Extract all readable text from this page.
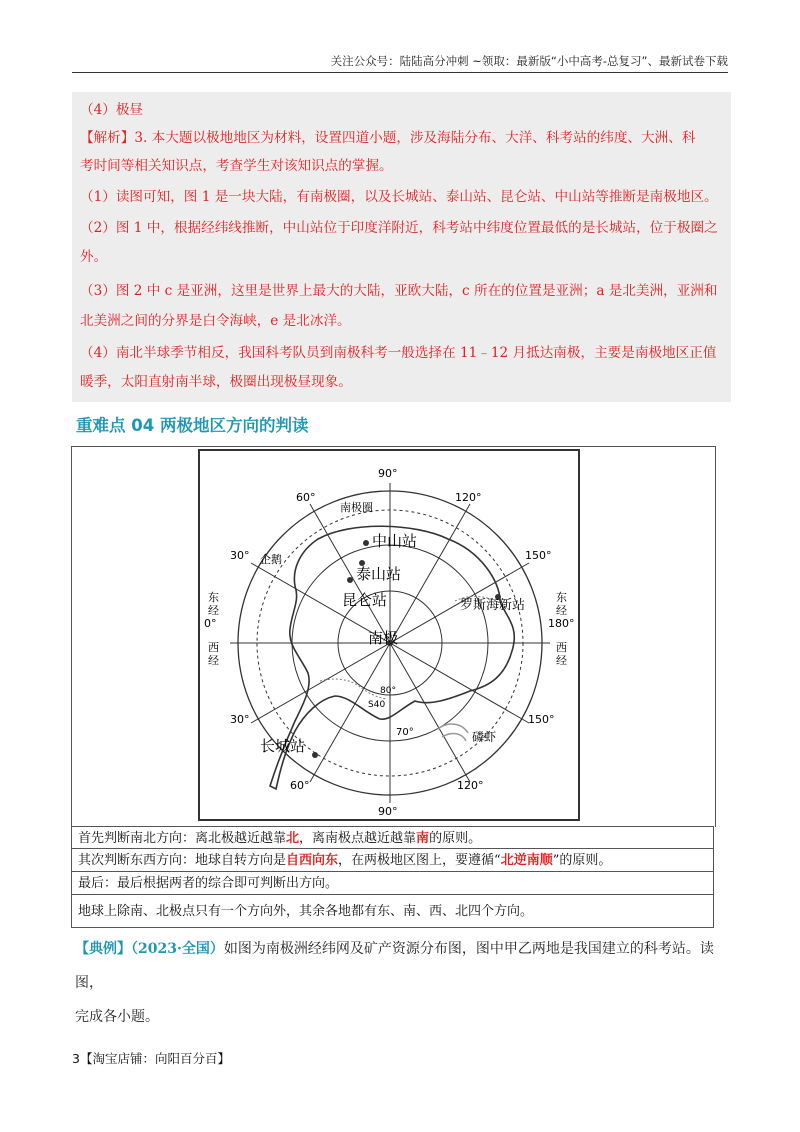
关注公众号：陆陆高分冲刺 ~领取：最新版“小中高考-总复习”、最新试卷下载

（4）极昼

【解析】3. 本大题以极地地区为材料，设置四道小题，涉及海陆分布、大洋、科考站的纬度、大洲、科

考时间等相关知识点，考查学生对该知识点的掌握。

（1）读图可知，图 1 是一块大陆，有南极圈，以及长城站、泰山站、昆仑站、中山站等推断是南极地区。

（2）图 1 中，根据经纬线推断，中山站位于印度洋附近，科考站中纬度位置最低的是长城站，位于极圈之

外。

（3）图 2 中 c 是亚洲，这里是世界上最大的大陆，亚欧大陆，c 所在的位置是亚洲；a 是北美洲，亚洲和

北美洲之间的分界是白令海峡，e 是北冰洋。

（4）南北半球季节相反，我国科考队员到南极科考一般选择在 11﹣12 月抵达南极，主要是南极地区正值

暖季，太阳直射南半球，极圈出现极昼现象。

重难点 04 两极地区方向的判读
90°
90°
60°	120°
30°	150°
30°	150°
60°	120°
东经 0°
西经
东经 180°
西经
南极圈
中山站
泰山站
昆仑站	罗斯海新站
长城站
南极
企鹅
磷虾
80°
70°
S40
首先判断南北方向：离北极越近越靠北，离南极点越近越靠南的原则。
其次判断东西方向：地球自转方向是自西向东，在两极地区图上，要遵循“北逆南顺”的原则。
最后：最后根据两者的综合即可判断出方向。
地球上除南、北极点只有一个方向外，其余各地都有东、南、西、北四个方向。
【典例】（2023·全国）如图为南极洲经纬网及矿产资源分布图，图中甲乙两地是我国建立的科考站。读图，
完成各小题。
3【淘宝店铺：向阳百分百】
